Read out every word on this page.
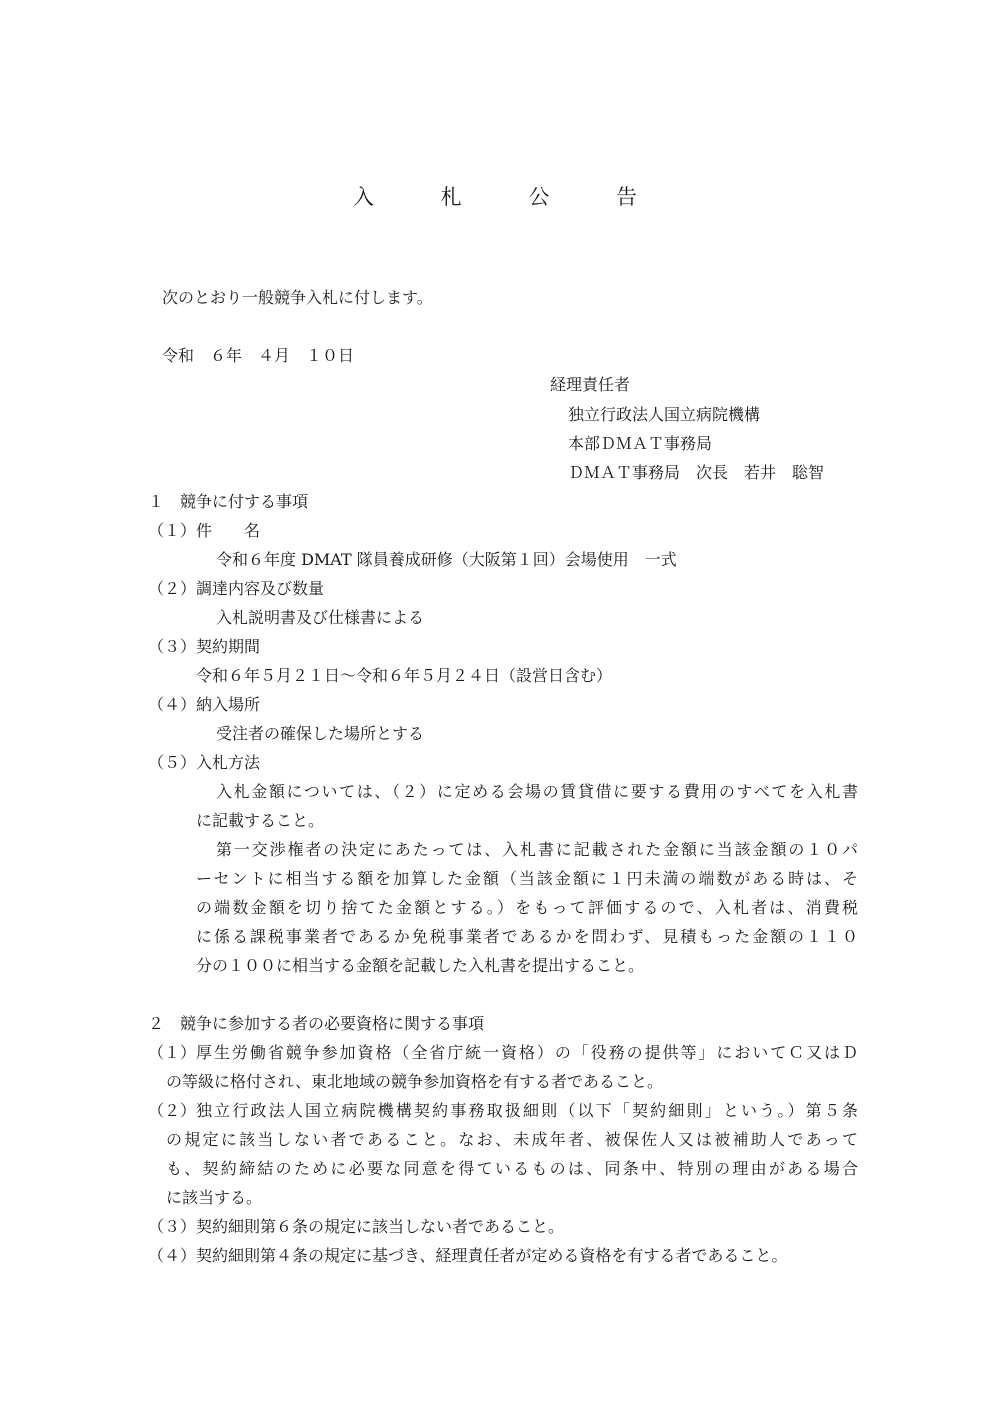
入 札 公 告
次のとおり一般競争入札に付します。
令和　６年　４月　１０日
経理責任者
独立行政法人国立病院機構
本部ＤＭＡＴ事務局
ＤＭＡＴ事務局　次長　若井　聡智
１　競争に付する事項
（１）件　　名
令和６年度 DMAT 隊員養成研修（大阪第１回）会場使用　一式
（２）調達内容及び数量
入札説明書及び仕様書による
（３）契約期間
令和６年５月２１日～令和６年５月２４日（設営日含む）
（４）納入場所
受注者の確保した場所とする
（５）入札方法
入札金額については、（２）に定める会場の賃貸借に要する費用のすべてを入札書
に記載すること。
第一交渉権者の決定にあたっては、入札書に記載された金額に当該金額の１０パ
ーセントに相当する額を加算した金額（当該金額に１円未満の端数がある時は、そ
の端数金額を切り捨てた金額とする。）をもって評価するので、入札者は、消費税
に係る課税事業者であるか免税事業者であるかを問わず、見積もった金額の１１０
分の１００に相当する金額を記載した入札書を提出すること。
２　競争に参加する者の必要資格に関する事項
（１） 厚生労働省競争参加資格（全省庁統一資格）の「役務の提供等」においてＣ又はＤ
の等級に格付され、東北地域の競争参加資格を有する者であること。
（２） 独立行政法人国立病院機構契約事務取扱細則（以下「契約細則」という。）第５条
の規定に該当しない者であること。なお、未成年者、被保佐人又は被補助人であって
も、契約締結のために必要な同意を得ているものは、同条中、特別の理由がある場合
に該当する。
（３） 契約細則第６条の規定に該当しない者であること。
（４） 契約細則第４条の規定に基づき、経理責任者が定める資格を有する者であること。
